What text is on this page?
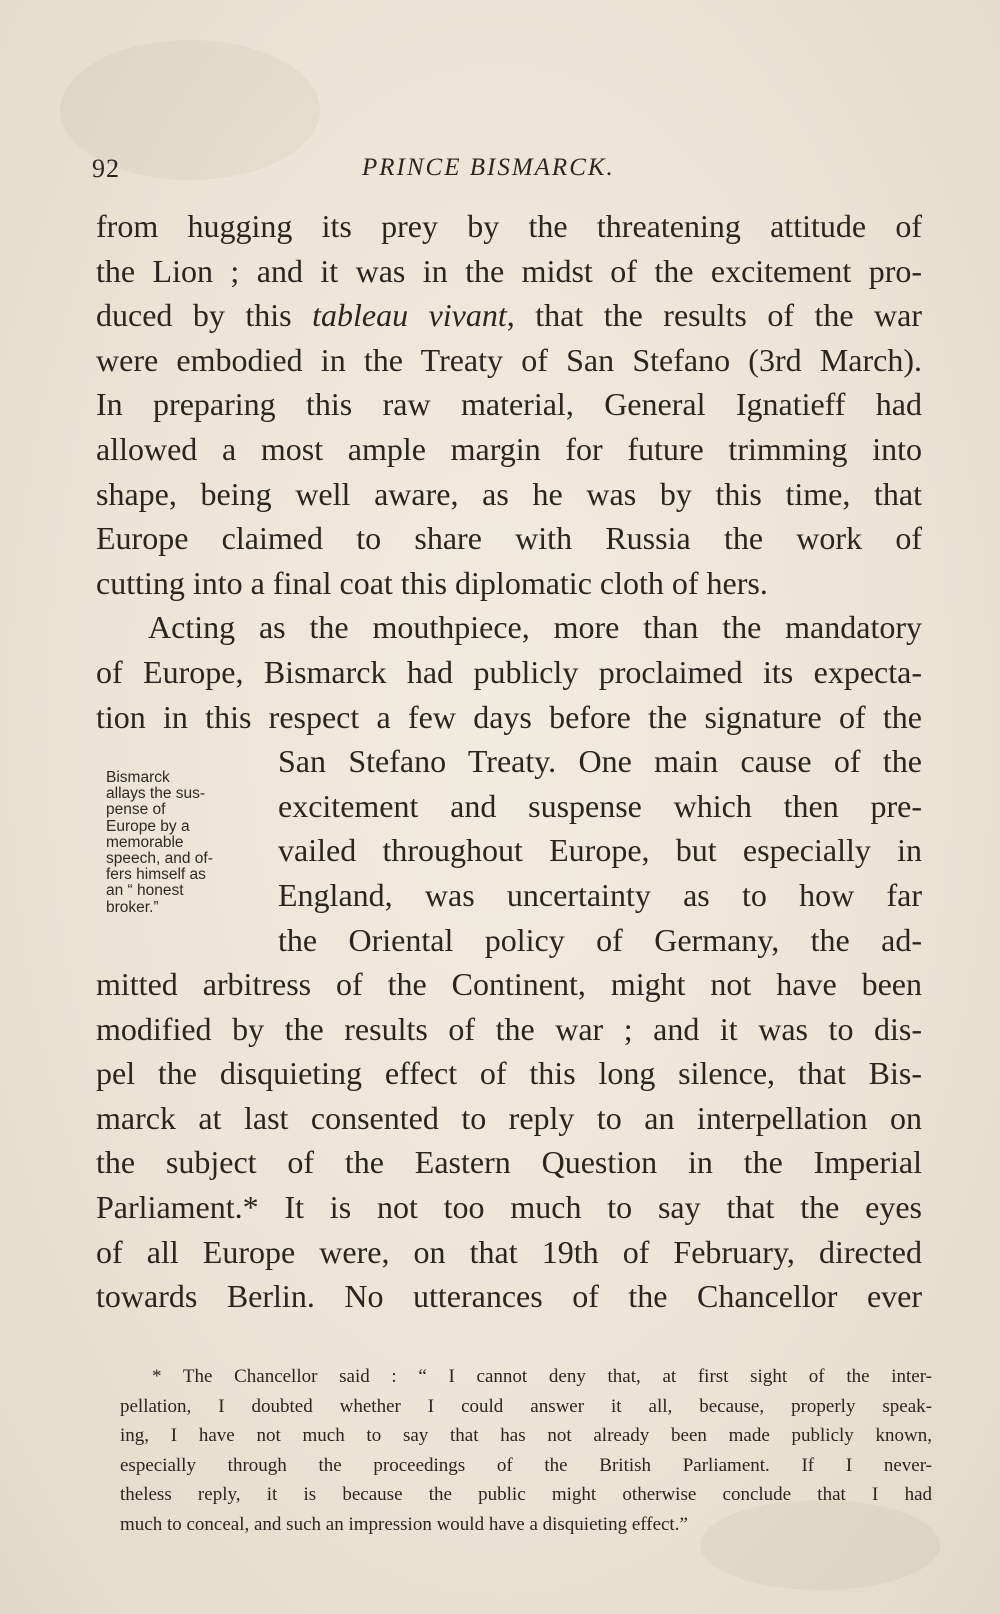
92	PRINCE BISMARCK.
from hugging its prey by the threatening attitude of
the Lion ; and it was in the midst of the excitement pro-
duced by this tableau vivant, that the results of the war
were embodied in the Treaty of San Stefano (3rd March).
In preparing this raw material, General Ignatieff had
allowed a most ample margin for future trimming into
shape, being well aware, as he was by this time, that
Europe claimed to share with Russia the work of
cutting into a final coat this diplomatic cloth of hers.
Acting as the mouthpiece, more than the mandatory
of Europe, Bismarck had publicly proclaimed its expecta-
tion in this respect a few days before the signature of the
San Stefano Treaty. One main cause of the
excitement and suspense which then pre-
vailed throughout Europe, but especially in
England, was uncertainty as to how far
the Oriental policy of Germany, the ad-
mitted arbitress of the Continent, might not have been
modified by the results of the war ; and it was to dis-
pel the disquieting effect of this long silence, that Bis-
marck at last consented to reply to an interpellation on
the subject of the Eastern Question in the Imperial
Parliament.* It is not too much to say that the eyes
of all Europe were, on that 19th of February, directed
towards Berlin. No utterances of the Chancellor ever
Bismarck
allays the sus-
pense of
Europe by a
memorable
speech, and of-
fers himself as
an “ honest
broker.”
* The Chancellor said : “ I cannot deny that, at first sight of the inter-
pellation, I doubted whether I could answer it all, because, properly speak-
ing, I have not much to say that has not already been made publicly known,
especially through the proceedings of the British Parliament. If I never-
theless reply, it is because the public might otherwise conclude that I had
much to conceal, and such an impression would have a disquieting effect.”
